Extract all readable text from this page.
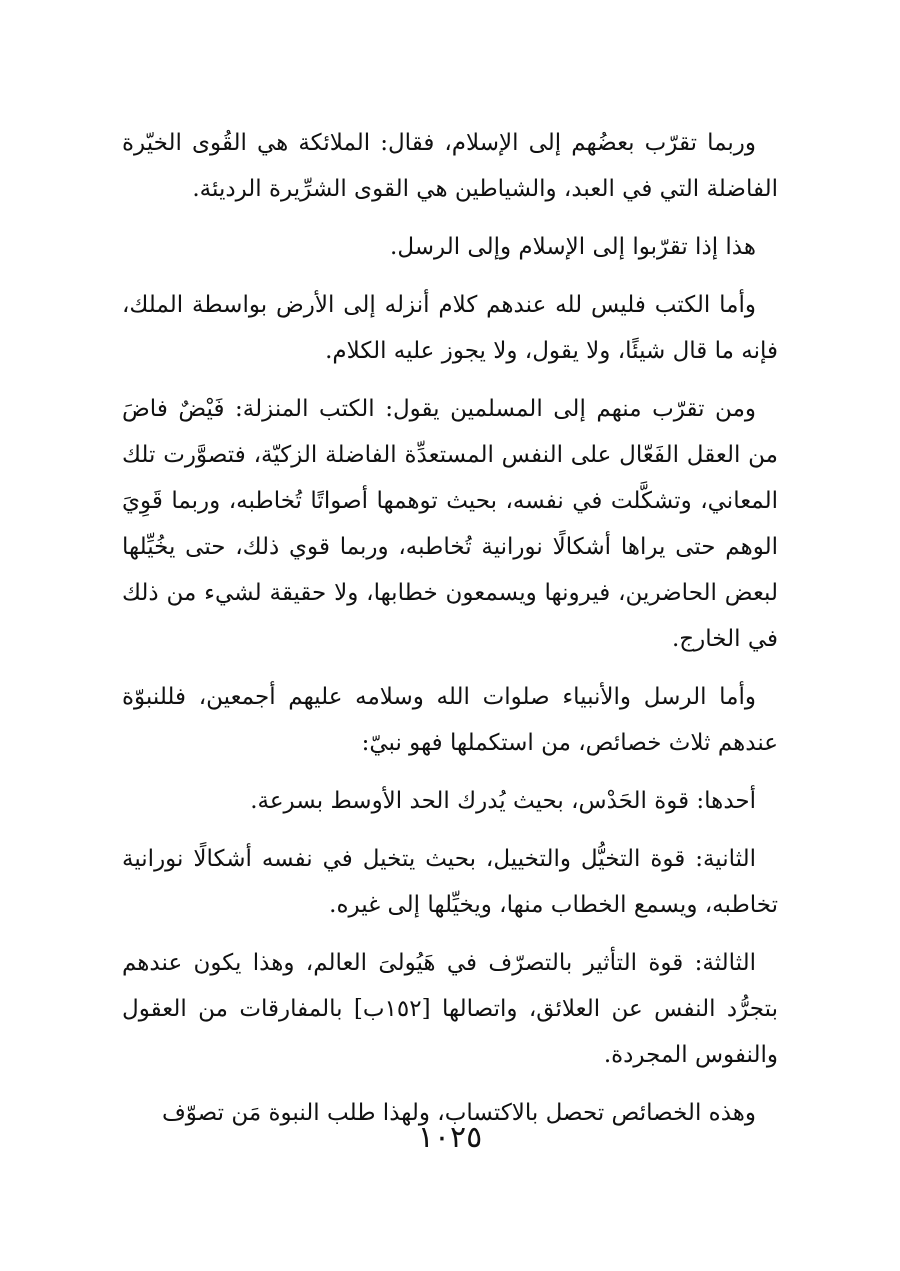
وربما تقرّب بعضُهم إلى الإسلام، فقال: الملائكة هي القُوى الخيّرة الفاضلة التي في العبد، والشياطين هي القوى الشرِّيرة الرديئة.

هذا إذا تقرّبوا إلى الإسلام وإلى الرسل.

وأما الكتب فليس لله عندهم كلام أنزله إلى الأرض بواسطة الملك، فإنه ما قال شيئًا، ولا يقول، ولا يجوز عليه الكلام.

ومن تقرّب منهم إلى المسلمين يقول: الكتب المنزلة: فَيْضٌ فاضَ من العقل الفَعّال على النفس المستعدِّة الفاضلة الزكيّة، فتصوَّرت تلك المعاني، وتشكَّلت في نفسه، بحيث توهمها أصواتًا تُخاطبه، وربما قَوِيَ الوهم حتى يراها أشكالًا نورانية تُخاطبه، وربما قوي ذلك، حتى يخُيِّلها لبعض الحاضرين، فيرونها ويسمعون خطابها، ولا حقيقة لشيء من ذلك في الخارج.

وأما الرسل والأنبياء صلوات الله وسلامه عليهم أجمعين، فللنبوّة عندهم ثلاث خصائص، من استكملها فهو نبيّ:

أحدها: قوة الحَدْس، بحيث يُدرك الحد الأوسط بسرعة.

الثانية: قوة التخيُّل والتخييل، بحيث يتخيل في نفسه أشكالًا نورانية تخاطبه، ويسمع الخطاب منها، ويخيِّلها إلى غيره.

الثالثة: قوة التأثير بالتصرّف في هَيُولىَ العالم، وهذا يكون عندهم بتجرُّد النفس عن العلائق، واتصالها [١٥٢ب] بالمفارقات من العقول والنفوس المجردة.

وهذه الخصائص تحصل بالاكتساب، ولهذا طلب النبوة مَن تصوّف

١٠٢٥
